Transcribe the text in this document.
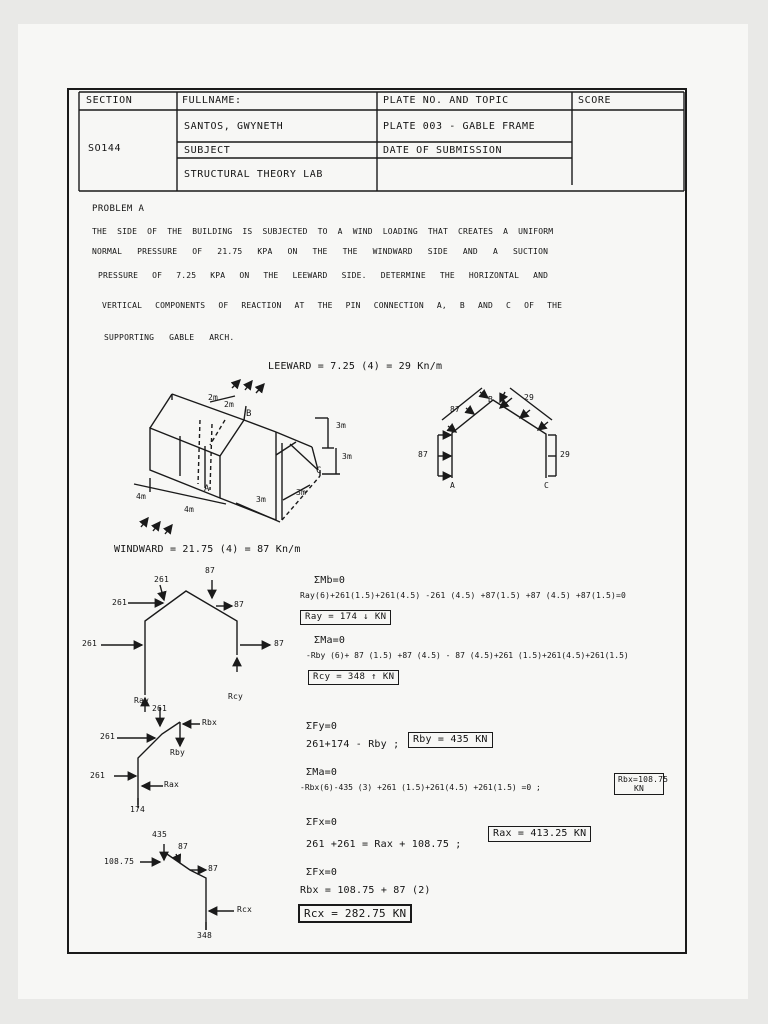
SECTION	FULLNAME:	PLATE NO. AND TOPIC	SCORE
SO144
SANTOS, GWYNETH	PLATE 003 - GABLE FRAME
SUBJECT	DATE OF SUBMISSION
STRUCTURAL THEORY LAB
PROBLEM A
THE SIDE OF THE BUILDING IS SUBJECTED TO A WIND LOADING THAT CREATES A UNIFORM
NORMAL PRESSURE OF 21.75 KPA ON THE THE WINDWARD SIDE AND A SUCTION
PRESSURE OF 7.25 KPA ON THE LEEWARD SIDE. DETERMINE THE HORIZONTAL AND
VERTICAL COMPONENTS OF REACTION AT THE PIN CONNECTION A, B AND C OF THE
SUPPORTING GABLE ARCH.
LEEWARD = 7.25 (4) = 29 Kn/m
2m
2m
3m
3m
3m
3m
4m
4m
A
B
C
WINDWARD = 21.75 (4) = 87 Kn/m
87
29
87	29
A
B
C
261
87
261	87
261	87
Ray	Rcy
261
Rbx
261
Rby
261
Rax
174
435
87
108.75
87
Rcx
348
ΣMb=0
Ray(6)+261(1.5)+261(4.5) -261 (4.5) +87(1.5) +87 (4.5) +87(1.5)=0
Ray = 174 ↓ KN
ΣMa=0
-Rby (6)+ 87 (1.5) +87 (4.5) - 87 (4.5)+261 (1.5)+261(4.5)+261(1.5)
Rcy = 348 ↑ KN
ΣFy=0
261+174 - Rby ;	Rby = 435 KN
ΣMa=0
-Rbx(6)-435 (3) +261 (1.5)+261(4.5) +261(1.5) =0 ;
Rbx=108.75 KN
ΣFx=0
261 +261 = Rax + 108.75 ;
Rax = 413.25 KN
ΣFx=0
Rbx = 108.75 + 87 (2)
Rcx = 282.75 KN
